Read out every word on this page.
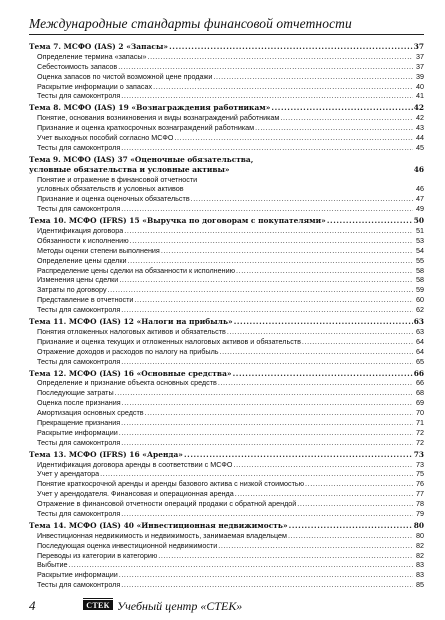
Международные стандарты финансовой отчетности
Тема 7. МСФО (IAS) 2 «Запасы» .....	37
Определение термина «запасы» .....	37
Себестоимость запасов .....	37
Оценка запасов по чистой возможной цене продажи .....	39
Раскрытие информации о запасах .....	40
Тесты для самоконтроля .....	41
Тема 8. МСФО (IAS) 19 «Вознаграждения работникам» .....	42
Понятие, основания возникновения и виды вознаграждений работникам .....	42
Признание и оценка краткосрочных вознаграждений работникам .....	43
Учет выходных пособий согласно МСФО .....	44
Тесты для самоконтроля .....	45
Тема 9. МСФО (IAS) 37 «Оценочные обязательства,
условные обязательства и условные активы»	46
Понятие и отражение в финансовой отчетности
условных обязательств и условных активов	46
Признание и оценка оценочных обязательств .....	47
Тесты для самоконтроля .....	49
Тема 10. МСФО (IFRS) 15 «Выручка по договорам с покупателями» .....	50
Идентификация договора .....	51
Обязанности к исполнению .....	53
Методы оценки степени выполнения .....	54
Определение цены сделки .....	55
Распределение цены сделки на обязанности к исполнению .....	58
Изменения цены сделки .....	58
Затраты по договору .....	59
Представление в отчетности .....	60
Тесты для самоконтроля .....	62
Тема 11. МСФО (IAS) 12 «Налоги на прибыль» .....	63
Понятия отложенных налоговых активов и обязательств .....	63
Признание и оценка текущих и отложенных налоговых активов и обязательств .....	64
Отражение доходов и расходов по налогу на прибыль .....	64
Тесты для самоконтроля .....	65
Тема 12. МСФО (IAS) 16 «Основные средства» .....	66
Определение и признание объекта основных средств .....	66
Последующие затраты .....	68
Оценка после признания .....	69
Амортизация основных средств .....	70
Прекращение признания .....	71
Раскрытие информации .....	72
Тесты для самоконтроля .....	72
Тема 13. МСФО (IFRS) 16 «Аренда» .....	73
Идентификация договора аренды в соответствии с МСФО .....	73
Учет у арендатора .....	75
Понятие краткосрочной аренды и аренды базового актива с низкой стоимостью .....	76
Учет у арендодателя. Финансовая и операционная аренда .....	77
Отражение в финансовой отчетности операций продажи с обратной арендой .....	78
Тесты для самоконтроля .....	79
Тема 14. МСФО (IAS) 40 «Инвестиционная недвижимость» .....	80
Инвестиционная недвижимость и недвижимость, занимаемая владельцем .....	80
Последующая оценка инвестиционной недвижимости .....	82
Переводы из категории в категорию .....	82
Выбытие .....	83
Раскрытие информации .....	83
Тесты для самоконтроля .....	85
4	СТЕК Учебный центр «СТЕК»
